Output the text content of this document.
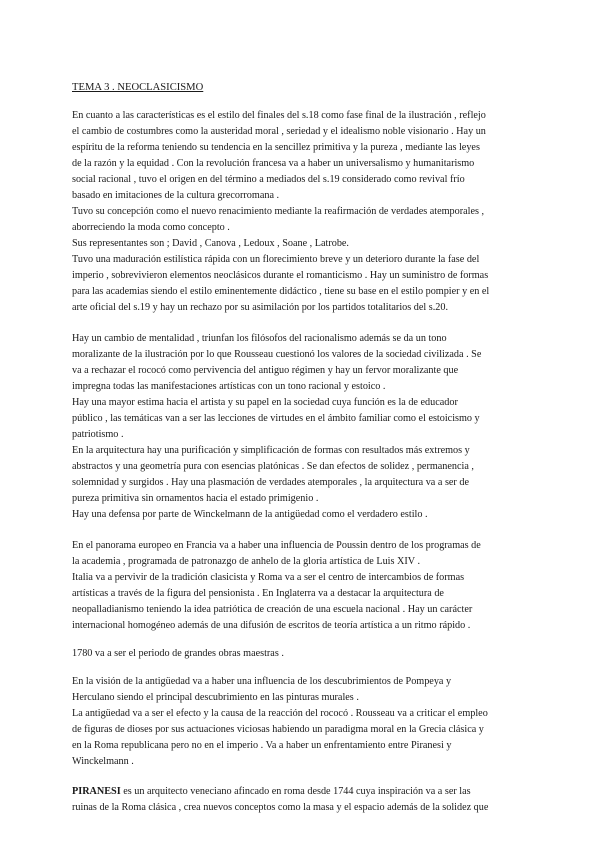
TEMA 3 . NEOCLASICISMO
En cuanto a las características es el estilo del finales del s.18 como fase final de la ilustración , reflejo
el cambio de costumbres como la austeridad moral , seriedad y el idealismo noble visionario . Hay un
espíritu de la reforma teniendo su tendencia en la sencillez primitiva y la pureza , mediante las leyes
de la razón y la equidad . Con la revolución francesa va a haber un universalismo y humanitarismo
social racional , tuvo el origen en del término a mediados del s.19 considerado como revival frío
basado en imitaciones de la cultura grecorromana .
Tuvo su concepción como el nuevo renacimiento mediante la reafirmación de verdades atemporales ,
aborreciendo la moda como concepto .
Sus representantes son ; David , Canova , Ledoux , Soane , Latrobe.
Tuvo una maduración estilística rápida con un florecimiento breve y un deterioro durante la fase del
imperio , sobrevivieron elementos neoclásicos durante el romanticismo . Hay un suministro de formas
para las academias siendo el estilo eminentemente didáctico , tiene su base en el estilo pompier y en el
arte oficial del s.19 y hay un rechazo por su asimilación por los partidos totalitarios del s.20.
Hay un cambio de mentalidad , triunfan los filósofos del racionalismo además se da un tono
moralizante de la ilustración por lo que Rousseau cuestionó los valores de la sociedad civilizada . Se
va a rechazar el rococó como pervivencia del antiguo régimen y hay un fervor moralizante que
impregna todas las manifestaciones artísticas con un tono racional y estoico .
Hay una mayor estima hacia el artista y su papel en la sociedad cuya función es la de educador
público , las temáticas van a ser las lecciones de virtudes en el ámbito familiar como el estoicismo y
patriotismo .
En la arquitectura hay una purificación y simplificación de formas con resultados más extremos y
abstractos y una geometría pura con esencias platónicas . Se dan efectos de solidez , permanencia ,
solemnidad y surgidos . Hay una plasmación de verdades atemporales , la arquitectura va a ser de
pureza primitiva sin ornamentos hacia el estado primigenio .
Hay una defensa por parte de Winckelmann de la antigüedad como el verdadero estilo .
En el panorama europeo en Francia va a haber una influencia de Poussin dentro de los programas de
la academia , programada de patronazgo de anhelo de la gloria artística de Luis XIV .
Italia va a pervivir de la tradición clasicista y Roma va a ser el centro de intercambios de formas
artísticas a través de la figura del pensionista . En Inglaterra va a destacar la arquitectura de
neopalladianismo teniendo la idea patriótica de creación de una escuela nacional . Hay un carácter
internacional homogéneo además de una difusión de escritos de teoría artística a un ritmo rápido .
1780 va a ser el periodo de grandes obras maestras .
En la visión de la antigüedad va a haber una influencia de los descubrimientos de Pompeya y
Herculano siendo el principal descubrimiento en las pinturas murales .
La antigüedad va a ser el efecto y la causa de la reacción del rococó . Rousseau va a criticar el empleo
de figuras de dioses por sus actuaciones viciosas habiendo un paradigma moral en la Grecia clásica y
en la Roma republicana pero no en el imperio . Va a haber un enfrentamiento entre Piranesi y
Winckelmann .
PIRANESI es un arquitecto veneciano afincado en roma desde 1744 cuya inspiración va a ser las
ruinas de la Roma clásica , crea nuevos conceptos como la masa y el espacio además de la solidez que
